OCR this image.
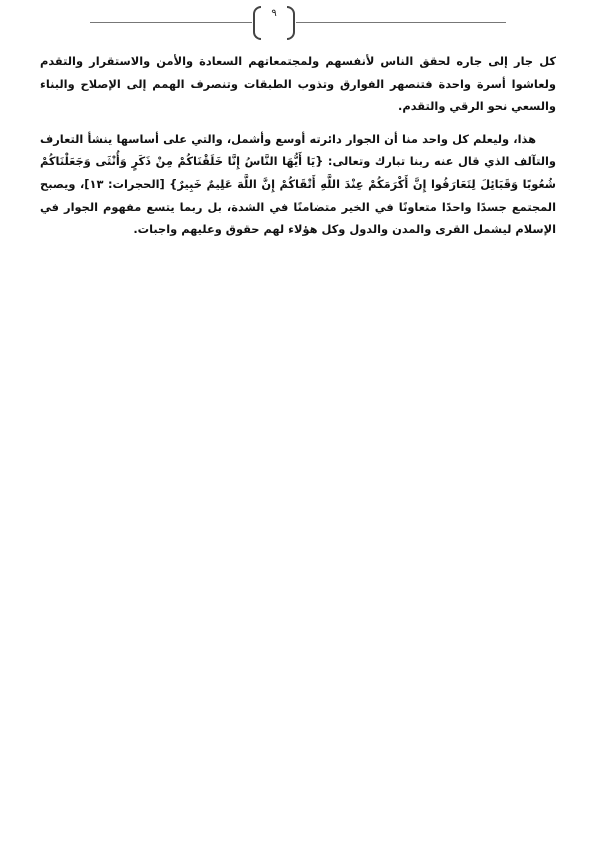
٩

كل جار إلى جاره لحقق الناس لأنفسهم ولمجتمعاتهم السعادة والأمن والاستقرار والتقدم ولعاشوا أسرة واحدة فتنصهر الفوارق وتذوب الطبقات وتنصرف الهمم إلى الإصلاح والبناء والسعي نحو الرقي والتقدم.

هذا، وليعلم كل واحد منا أن الجوار دائرته أوسع وأشمل، والتي على أساسها ينشأ التعارف والتآلف الذي قال عنه ربنا تبارك وتعالى: {يَا أَيُّهَا النَّاسُ إِنَّا خَلَقْنَاكُمْ مِنْ ذَكَرٍ وَأُنْثَى وَجَعَلْنَاكُمْ شُعُوبًا وَقَبَائِلَ لِتَعَارَفُوا إِنَّ أَكْرَمَكُمْ عِنْدَ اللَّهِ أَتْقَاكُمْ إِنَّ اللَّهَ عَلِيمٌ خَبِيرٌ} [الحجرات: ١٣]، ويصبح المجتمع جسدًا واحدًا متعاونًا في الخير متضامنًا في الشدة، بل ربما يتسع مفهوم الجوار في الإسلام ليشمل القرى والمدن والدول وكل هؤلاء لهم حقوق وعليهم واجبات.
